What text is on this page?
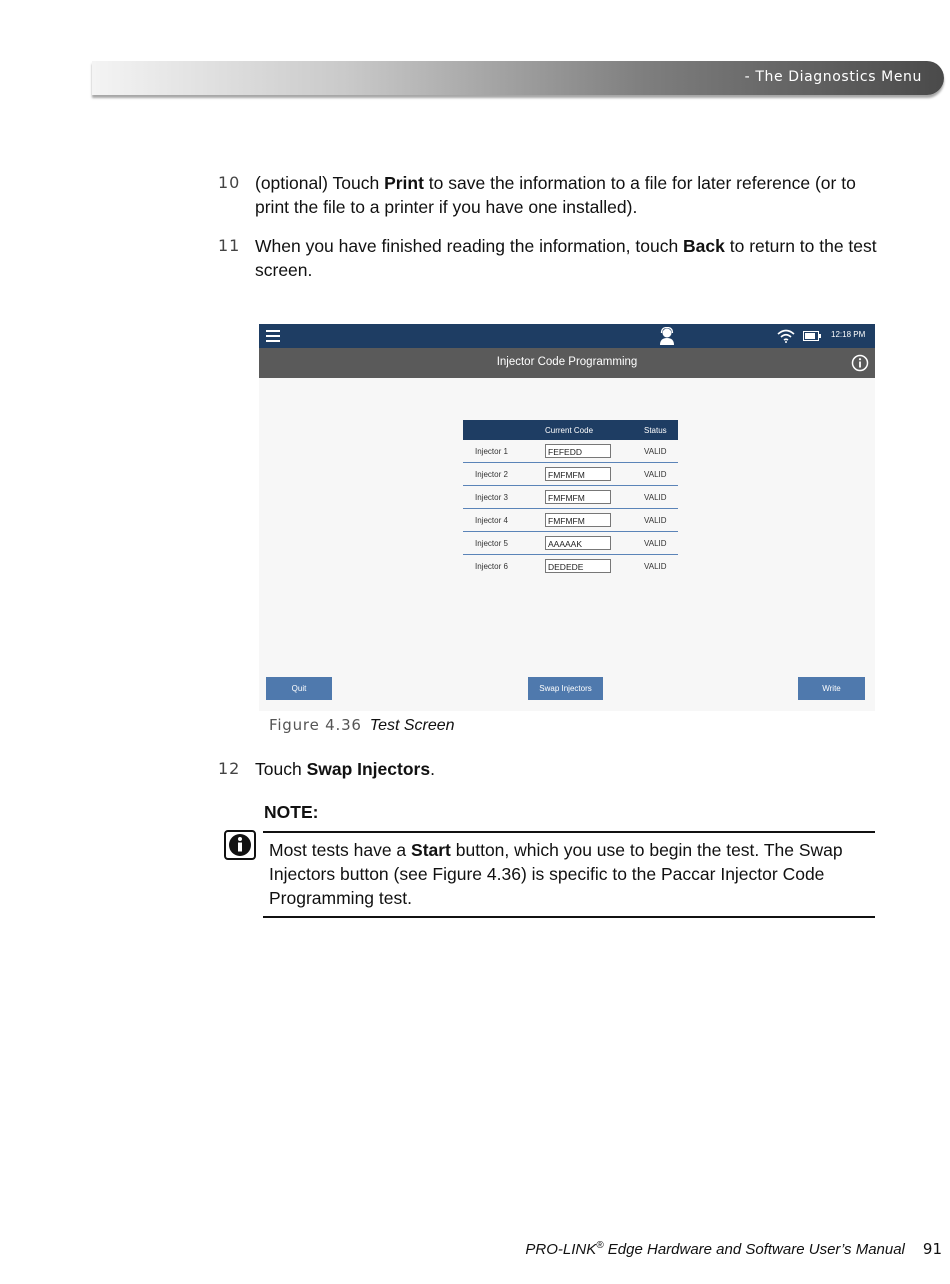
- The Diagnostics Menu
10 (optional) Touch Print to save the information to a file for later reference (or to print the file to a printer if you have one installed).
11 When you have finished reading the information, touch Back to return to the test screen.
12:18 PM
Injector Code Programming
	Current Code	Status
Injector 1	FEFEDD	VALID
Injector 2	FMFMFM	VALID
Injector 3	FMFMFM	VALID
Injector 4	FMFMFM	VALID
Injector 5	AAAAAK	VALID
Injector 6	DEDEDE	VALID
Quit	Swap Injectors	Write
Figure 4.36 Test Screen
12 Touch Swap Injectors.
NOTE:
Most tests have a Start button, which you use to begin the test. The Swap Injectors button (see Figure 4.36) is specific to the Paccar Injector Code Programming test.
PRO-LINK® Edge Hardware and Software User’s Manual 91
